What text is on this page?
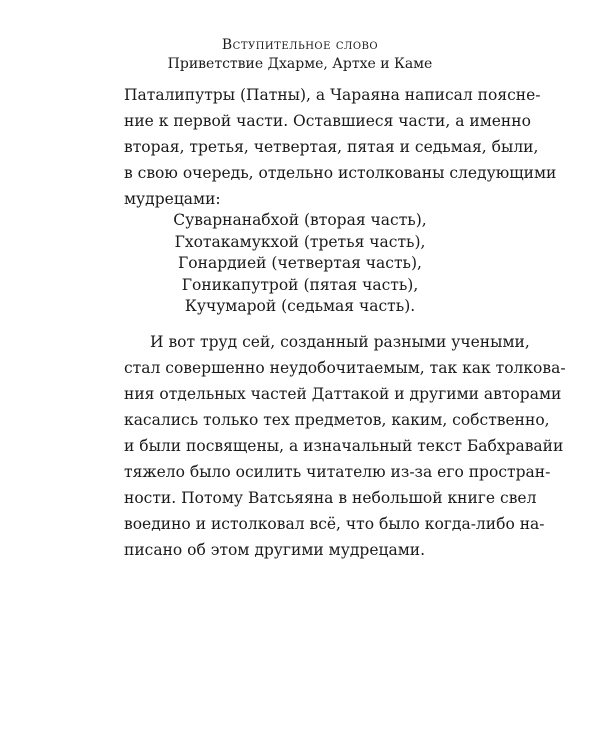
Вступительное слово
Приветствие Дхарме, Артхе и Каме
Паталипутры (Патны), а Чараяна написал поясне-
ние к первой части. Оставшиеся части, а именно
вторая, третья, четвертая, пятая и седьмая, были,
в свою очередь, отдельно истолкованы следующими
мудрецами:
Суварнанабхой (вторая часть),
Гхотакамукхой (третья часть),
Гонардией (четвертая часть),
Гоникапутрой (пятая часть),
Кучумарой (седьмая часть).
И вот труд сей, созданный разными учеными,
стал совершенно неудобочитаемым, так как толкова-
ния отдельных частей Даттакой и другими авторами
касались только тех предметов, каким, собственно,
и были посвящены, а изначальный текст Бабхравайи
тяжело было осилить читателю из-за его простран-
ности. Потому Ватсьяяна в небольшой книге свел
воедино и истолковал всё, что было когда-либо на-
писано об этом другими мудрецами.
